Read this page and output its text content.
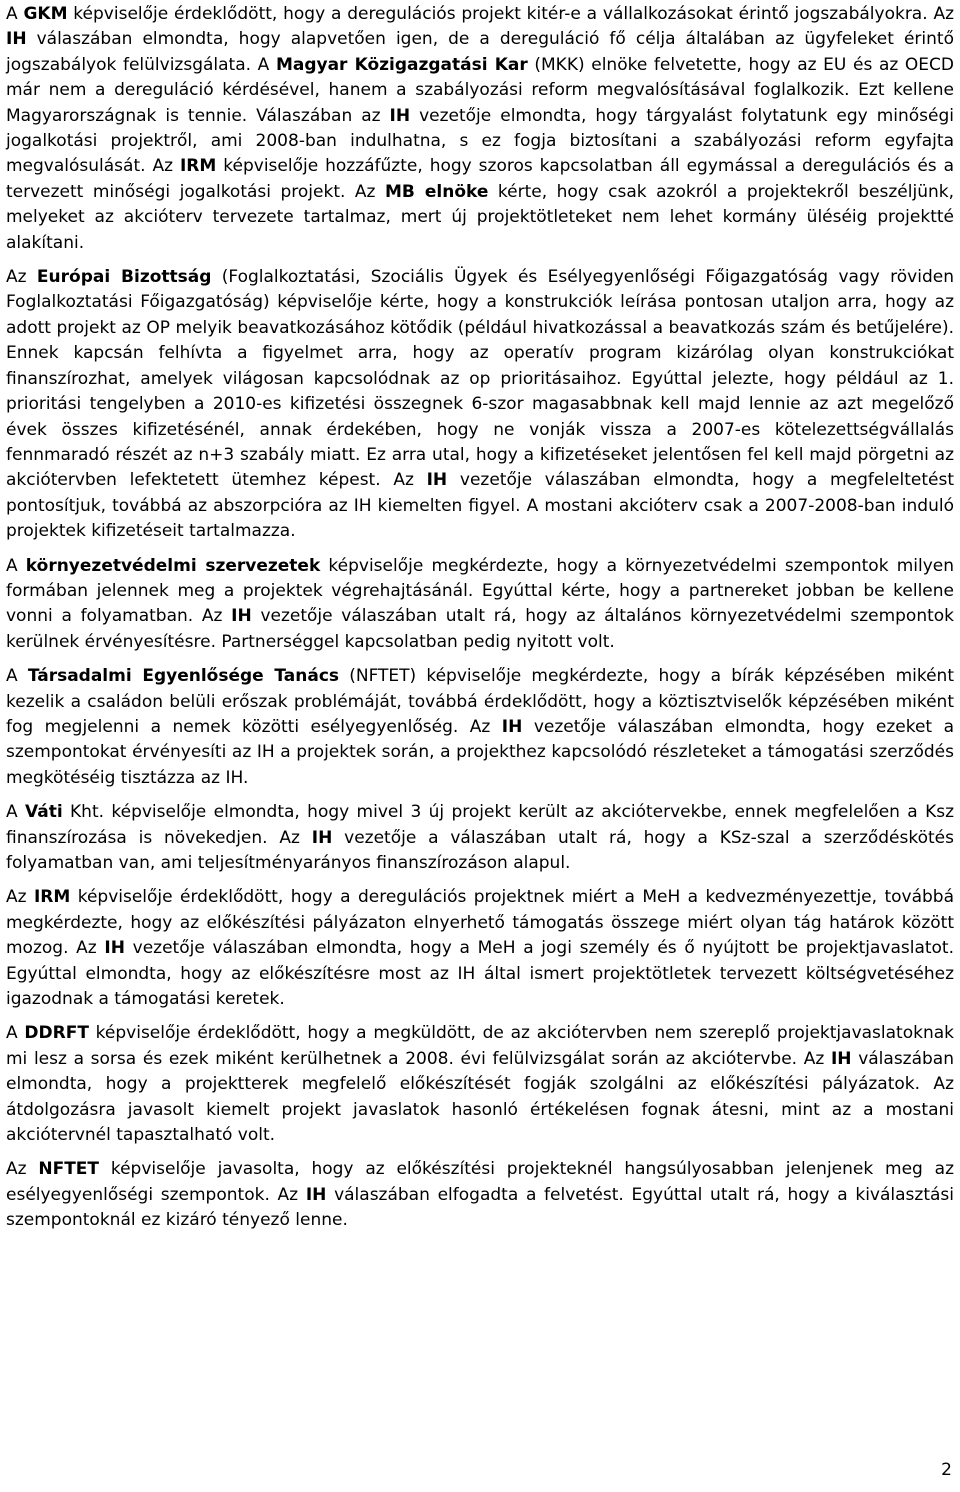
A GKM képviselője érdeklődött, hogy a deregulációs projekt kitér-e a vállalkozásokat érintő jogszabályokra. Az IH válaszában elmondta, hogy alapvetően igen, de a dereguláció fő célja általában az ügyfeleket érintő jogszabályok felülvizsgálata. A Magyar Közigazgatási Kar (MKK) elnöke felvetette, hogy az EU és az OECD már nem a dereguláció kérdésével, hanem a szabályozási reform megvalósításával foglalkozik. Ezt kellene Magyarországnak is tennie. Válaszában az IH vezetője elmondta, hogy tárgyalást folytatunk egy minőségi jogalkotási projektről, ami 2008-ban indulhatna, s ez fogja biztosítani a szabályozási reform egyfajta megvalósulását. Az IRM képviselője hozzáfűzte, hogy szoros kapcsolatban áll egymással a deregulációs és a tervezett minőségi jogalkotási projekt. Az MB elnöke kérte, hogy csak azokról a projektekről beszéljünk, melyeket az akcióterv tervezete tartalmaz, mert új projektötleteket nem lehet kormány üléséig projektté alakítani.

Az Európai Bizottság (Foglalkoztatási, Szociális Ügyek és Esélyegyenlőségi Főigazgatóság vagy röviden Foglalkoztatási Főigazgatóság) képviselője kérte, hogy a konstrukciók leírása pontosan utaljon arra, hogy az adott projekt az OP melyik beavatkozásához kötődik (például hivatkozással a beavatkozás szám és betűjelére). Ennek kapcsán felhívta a figyelmet arra, hogy az operatív program kizárólag olyan konstrukciókat finanszírozhat, amelyek világosan kapcsolódnak az op prioritásaihoz. Egyúttal jelezte, hogy például az 1. prioritási tengelyben a 2010-es kifizetési összegnek 6-szor magasabbnak kell majd lennie az azt megelőző évek összes kifizetésénél, annak érdekében, hogy ne vonják vissza a 2007-es kötelezettségvállalás fennmaradó részét az n+3 szabály miatt. Ez arra utal, hogy a kifizetéseket jelentősen fel kell majd pörgetni az akciótervben lefektetett ütemhez képest. Az IH vezetője válaszában elmondta, hogy a megfeleltetést pontosítjuk, továbbá az abszorpcióra az IH kiemelten figyel. A mostani akcióterv csak a 2007-2008-ban induló projektek kifizetéseit tartalmazza.

A környezetvédelmi szervezetek képviselője megkérdezte, hogy a környezetvédelmi szempontok milyen formában jelennek meg a projektek végrehajtásánál. Egyúttal kérte, hogy a partnereket jobban be kellene vonni a folyamatban. Az IH vezetője válaszában utalt rá, hogy az általános környezetvédelmi szempontok kerülnek érvényesítésre. Partnerséggel kapcsolatban pedig nyitott volt.

A Társadalmi Egyenlősége Tanács (NFTET) képviselője megkérdezte, hogy a bírák képzésében miként kezelik a családon belüli erőszak problémáját, továbbá érdeklődött, hogy a köztisztviselők képzésében miként fog megjelenni a nemek közötti esélyegyenlőség. Az IH vezetője válaszában elmondta, hogy ezeket a szempontokat érvényesíti az IH a projektek során, a projekthez kapcsolódó részleteket a támogatási szerződés megkötéséig tisztázza az IH.

A Váti Kht. képviselője elmondta, hogy mivel 3 új projekt került az akciótervekbe, ennek megfelelően a Ksz finanszírozása is növekedjen. Az IH vezetője a válaszában utalt rá, hogy a KSz-szal a szerződéskötés folyamatban van, ami teljesítményarányos finanszírozáson alapul.

Az IRM képviselője érdeklődött, hogy a deregulációs projektnek miért a MeH a kedvezményezettje, továbbá megkérdezte, hogy az előkészítési pályázaton elnyerhető támogatás összege miért olyan tág határok között mozog. Az IH vezetője válaszában elmondta, hogy a MeH a jogi személy és ő nyújtott be projektjavaslatot. Egyúttal elmondta, hogy az előkészítésre most az IH által ismert projektötletek tervezett költségvetéséhez igazodnak a támogatási keretek.

A DDRFT képviselője érdeklődött, hogy a megküldött, de az akciótervben nem szereplő projektjavaslatoknak mi lesz a sorsa és ezek miként kerülhetnek a 2008. évi felülvizsgálat során az akciótervbe. Az IH válaszában elmondta, hogy a projektterek megfelelő előkészítését fogják szolgálni az előkészítési pályázatok. Az átdolgozásra javasolt kiemelt projekt javaslatok hasonló értékelésen fognak átesni, mint az a mostani akciótervnél tapasztalható volt.

Az NFTET képviselője javasolta, hogy az előkészítési projekteknél hangsúlyosabban jelenjenek meg az esélyegyenlőségi szempontok. Az IH válaszában elfogadta a felvetést. Egyúttal utalt rá, hogy a kiválasztási szempontoknál ez kizáró tényező lenne.

2
